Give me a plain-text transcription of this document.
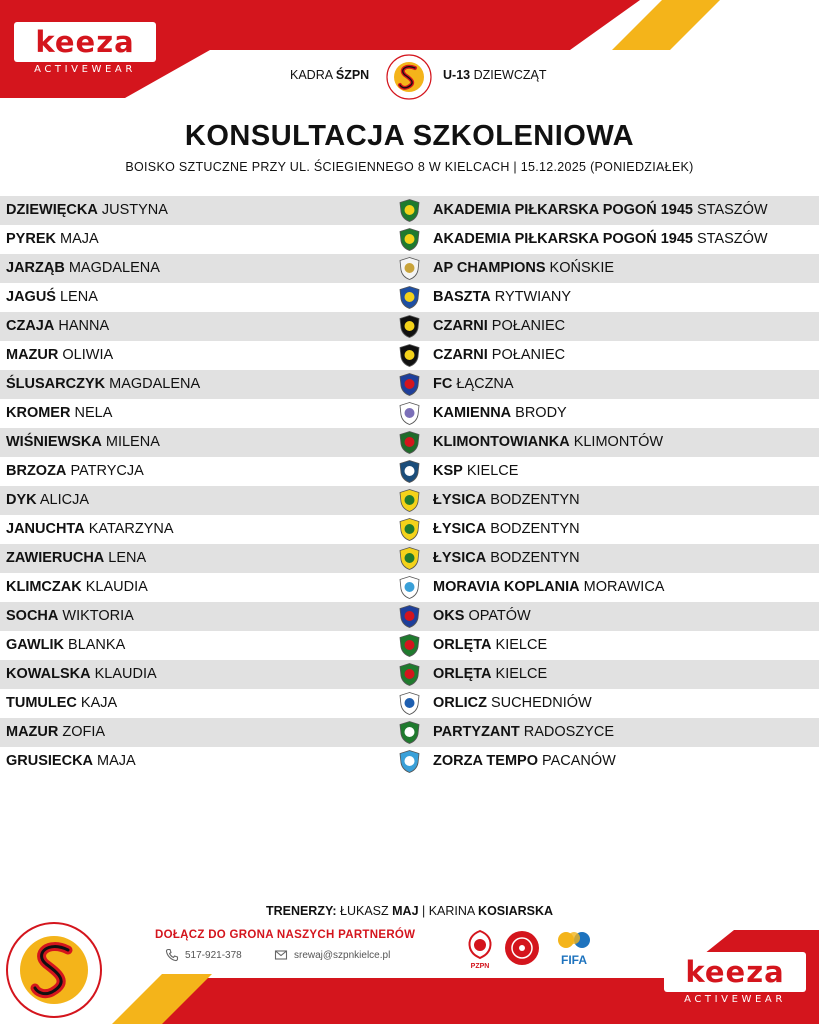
keeza
ACTIVEWEAR	KADRA ŚZPN	U-13 DZIEWCZĄT
KONSULTACJA SZKOLENIOWA
BOISKO SZTUCZNE PRZY UL. ŚCIEGIENNEGO 8 W KIELCACH | 15.12.2025 (PONIEDZIAŁEK)
DZIEWIĘCKA JUSTYNA	AKADEMIA PIŁKARSKA POGOŃ 1945 STASZÓW
PYREK MAJA	AKADEMIA PIŁKARSKA POGOŃ 1945 STASZÓW
JARZĄB MAGDALENA	AP CHAMPIONS KOŃSKIE
JAGUŚ LENA	BASZTA RYTWIANY
CZAJA HANNA	CZARNI POŁANIEC
MAZUR OLIWIA	CZARNI POŁANIEC
ŚLUSARCZYK MAGDALENA	FC ŁĄCZNA
KROMER NELA	KAMIENNA BRODY
WIŚNIEWSKA MILENA	KLIMONTOWIANKA KLIMONTÓW
BRZOZA PATRYCJA	KSP KIELCE
DYK ALICJA	ŁYSICA BODZENTYN
JANUCHTA KATARZYNA	ŁYSICA BODZENTYN
ZAWIERUCHA LENA	ŁYSICA BODZENTYN
KLIMCZAK KLAUDIA	MORAVIA KOPLANIA MORAWICA
SOCHA WIKTORIA	OKS OPATÓW
GAWLIK BLANKA	ORLĘTA KIELCE
KOWALSKA KLAUDIA	ORLĘTA KIELCE
TUMULEC KAJA	ORLICZ SUCHEDNIÓW
MAZUR ZOFIA	PARTYZANT RADOSZYCE
GRUSIECKA MAJA	ZORZA TEMPO PACANÓW
TRENERZY: ŁUKASZ MAJ | KARINA KOSIARSKA
DOŁĄCZ DO GRONA NASZYCH PARTNERÓW
517-921-378	srewaj@szpnkielce.pl
PZPN	FIFA	keeza
ACTIVEWEAR
